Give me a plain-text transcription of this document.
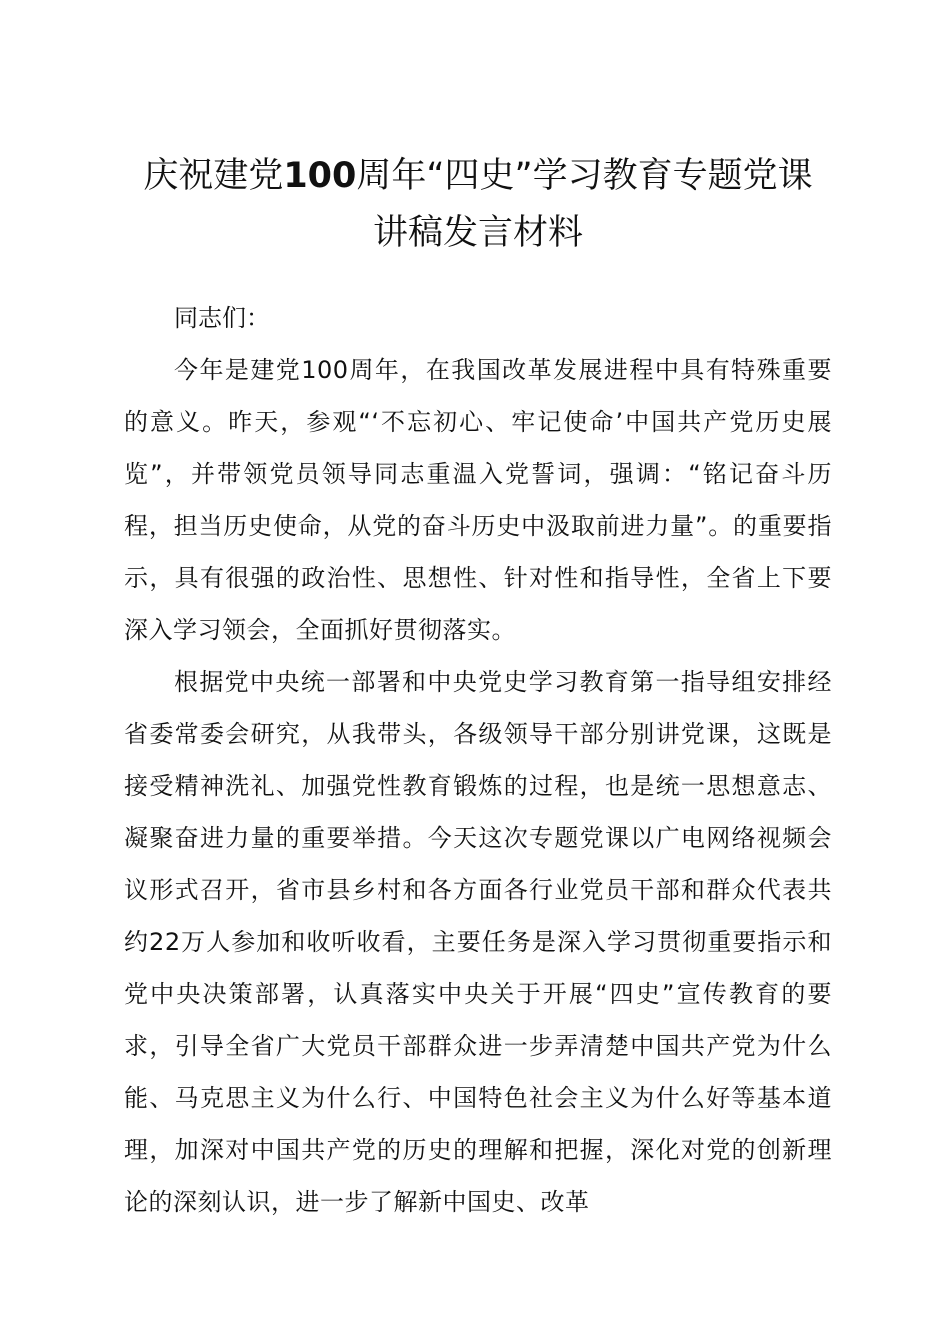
庆祝建党100周年“四史”学习教育专题党课
讲稿发言材料

同志们：

今年是建党100周年，在我国改革发展进程中具有特殊重要的意义。昨天，参观“‘不忘初心、牢记使命’中国共产党历史展览”，并带领党员领导同志重温入党誓词，强调：“铭记奋斗历程，担当历史使命，从党的奋斗历史中汲取前进力量”。的重要指示，具有很强的政治性、思想性、针对性和指导性，全省上下要深入学习领会，全面抓好贯彻落实。

根据党中央统一部署和中央党史学习教育第一指导组安排经省委常委会研究，从我带头，各级领导干部分别讲党课，这既是接受精神洗礼、加强党性教育锻炼的过程，也是统一思想意志、凝聚奋进力量的重要举措。今天这次专题党课以广电网络视频会议形式召开，省市县乡村和各方面各行业党员干部和群众代表共约22万人参加和收听收看，主要任务是深入学习贯彻重要指示和党中央决策部署，认真落实中央关于开展“四史”宣传教育的要求，引导全省广大党员干部群众进一步弄清楚中国共产党为什么能、马克思主义为什么行、中国特色社会主义为什么好等基本道理，加深对中国共产党的历史的理解和把握，深化对党的创新理论的深刻认识，进一步了解新中国史、改革
